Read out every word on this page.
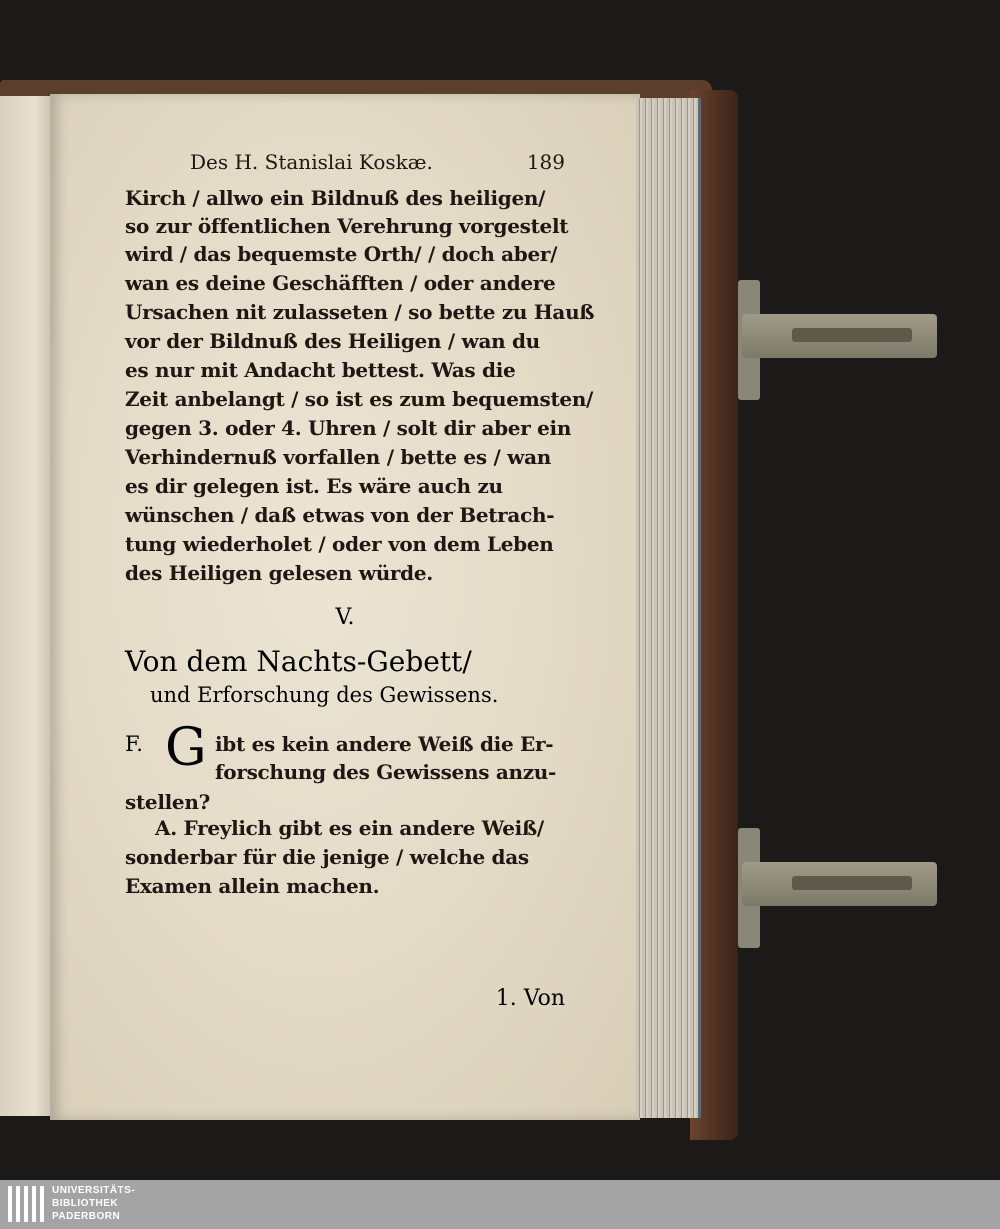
Des H. Stanislai Koskæ.	189
Kirch / allwo ein Bildnuß des heiligen/
so zur öffentlichen Verehrung vorgestelt
wird / das bequemste Orth/ / doch aber/
wan es deine Geschäfften / oder andere
Ursachen nit zulasseten / so bette zu Hauß
vor der Bildnuß des Heiligen / wan du
es nur mit Andacht bettest. Was die
Zeit anbelangt / so ist es zum bequemsten/
gegen 3. oder 4. Uhren / solt dir aber ein
Verhindernuß vorfallen / bette es / wan
es dir gelegen ist. Es wäre auch zu
wünschen / daß etwas von der Betrach-
tung wiederholet / oder von dem Leben
des Heiligen gelesen würde.
V.
Von dem Nachts-Gebett/
und Erforschung des Gewissens.
F. G ibt es kein andere Weiß die Er-
forschung des Gewissens anzu-
stellen?
A. Freylich gibt es ein andere Weiß/
sonderbar für die jenige / welche das
Examen allein machen.
1. Von
UNIVERSITÄTS-
BIBLIOTHEK
PADERBORN
